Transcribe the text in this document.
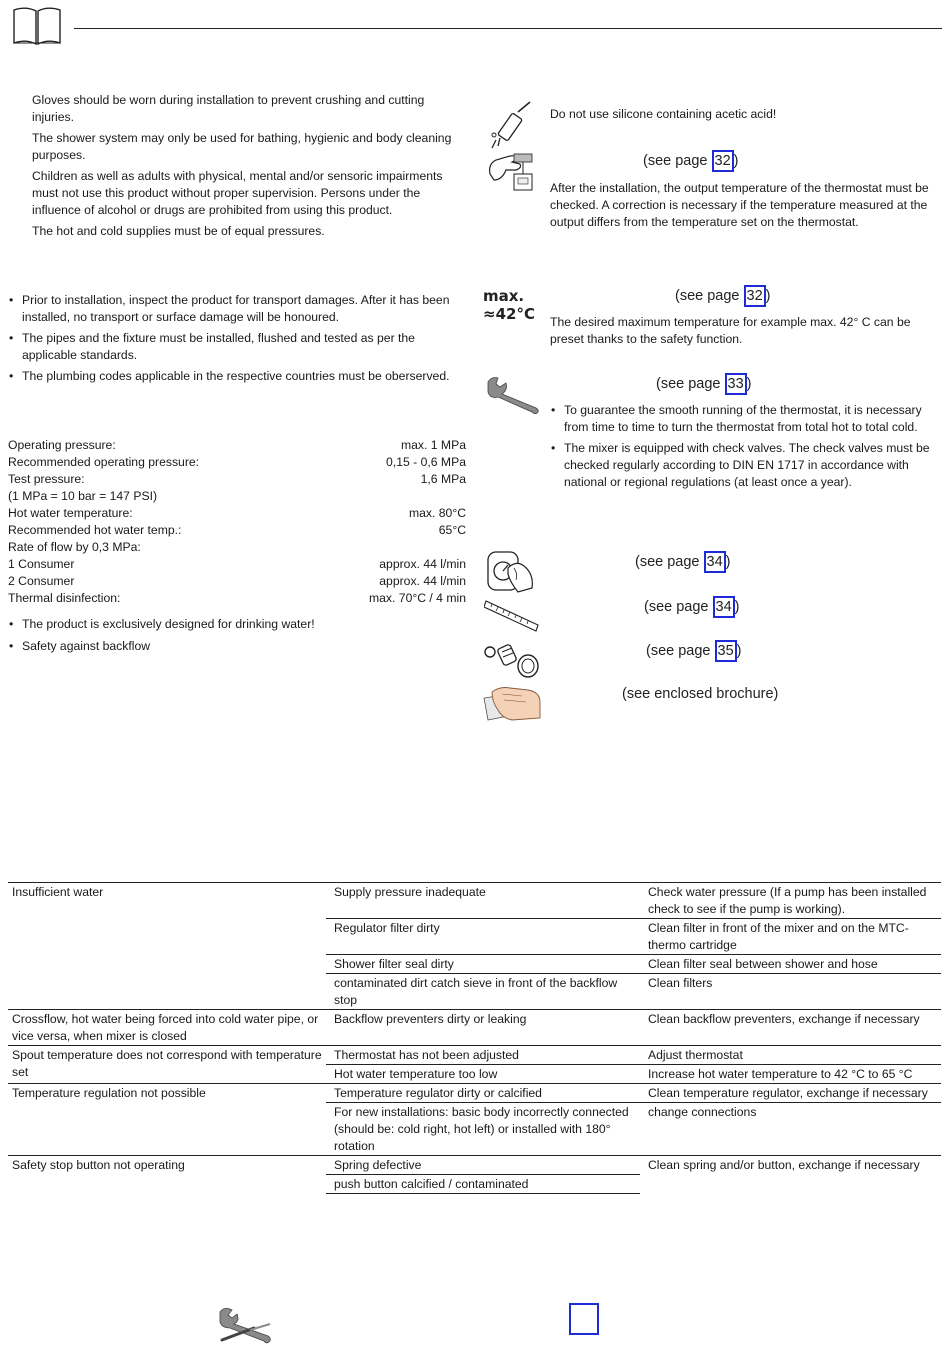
Gloves should be worn during installation to prevent crushing and cutting injuries.

The shower system may only be used for bathing, hygienic and body cleaning purposes.

Children as well as adults with physical, mental and/or sensoric impairments must not use this product without proper supervision. Persons under the influence of alcohol or drugs are prohibited from using this product.

The hot and cold supplies must be of equal pressures.

• Prior to installation, inspect the product for transport damages. After it has been installed, no transport or surface damage will be honoured.
• The pipes and the fixture must be installed, flushed and tested as per the applicable standards.
• The plumbing codes applicable in the respective countries must be oberserved.
Operating pressure:	max. 1 MPa
Recommended operating pressure:	0,15 - 0,6 MPa
Test pressure:	1,6 MPa
(1 MPa = 10 bar = 147 PSI)
Hot water temperature:	max. 80°C
Recommended hot water temp.:	65°C
Rate of flow by 0,3 MPa:
1 Consumer	approx. 44 l/min
2 Consumer	approx. 44 l/min
Thermal disinfection:	max. 70°C / 4 min
• The product is exclusively designed for drinking water!
• Safety against backflow
Do not use silicone containing acetic acid!
(see page 32 )
After the installation, the output temperature of the thermostat must be checked. A correction is necessary if the temperature measured at the output differs from the temperature set on the thermostat.
max.
≈42°C
(see page 32 )
The desired maximum temperature for example max. 42° C can be preset thanks to the safety function.
(see page 33 )
• To guarantee the smooth running of the thermostat, it is necessary from time to time to turn the thermostat from total hot to total cold.
• The mixer is equipped with check valves. The check valves must be checked regularly according to DIN EN 1717 in accordance with national or regional regulations (at least once a year).
(see page 34 )
(see page 34 )
(see page 35 )
(see enclosed brochure)
Insufficient water	Supply pressure inadequate	Check water pressure (If a pump has been installed check to see if the pump is working).
	Regulator filter dirty	Clean filter in front of the mixer and on the MTC-thermo cartridge
	Shower filter seal dirty	Clean filter seal between shower and hose
	contaminated dirt catch sieve in front of the backflow stop	Clean filters
Crossflow, hot water being forced into cold water pipe, or vice versa, when mixer is closed	Backflow preventers dirty or leaking	Clean backflow preventers, exchange if necessary
Spout temperature does not correspond with temperature set	Thermostat has not been adjusted	Adjust thermostat
	Hot water temperature too low	Increase hot water temperature to 42 °C to 65 °C
Temperature regulation not possible	Temperature regulator dirty or calcified	Clean temperature regulator, exchange if necessary
	For new installations: basic body incorrectly connected (should be: cold right, hot left) or installed with 180° rotation	change connections
Safety stop button not operating	Spring defective	Clean spring and/or button, exchange if necessary
	push button calcified / contaminated	
